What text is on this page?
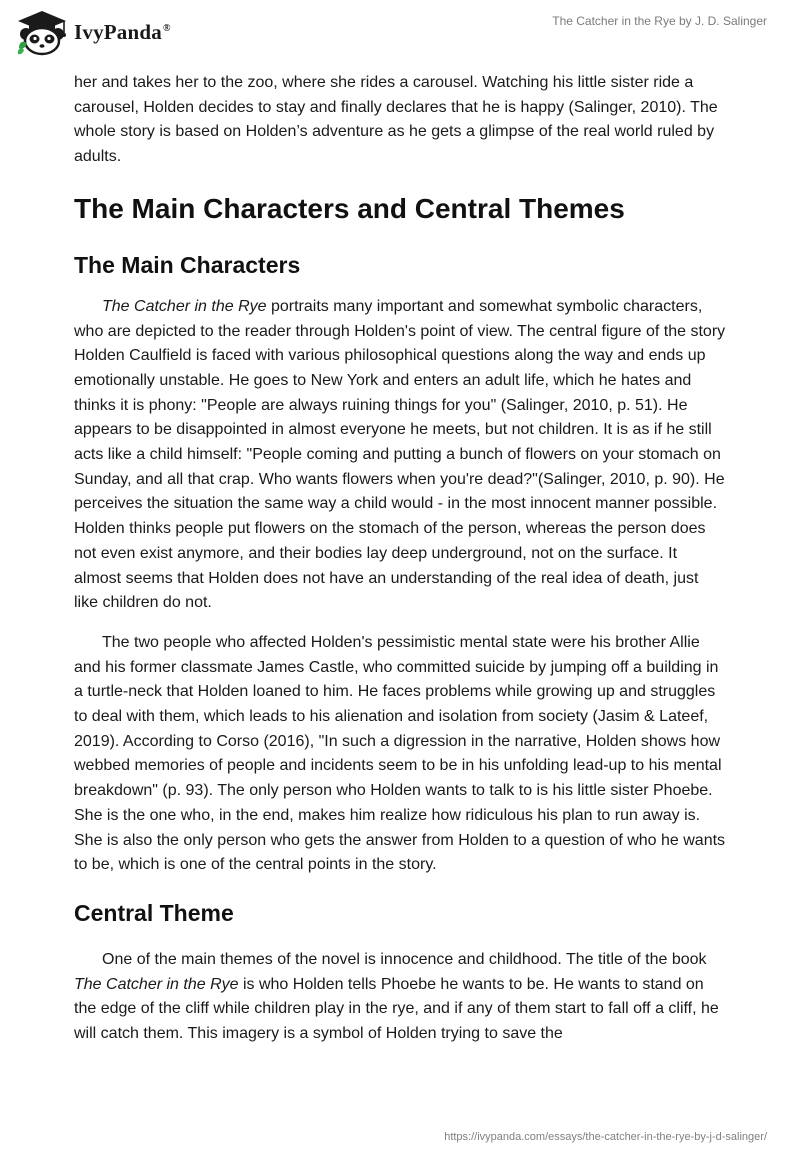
IvyPanda®	The Catcher in the Rye by J. D. Salinger

her and takes her to the zoo, where she rides a carousel. Watching his little sister ride a carousel, Holden decides to stay and finally declares that he is happy (Salinger, 2010). The whole story is based on Holden’s adventure as he gets a glimpse of the real world ruled by adults.

The Main Characters and Central Themes
The Main Characters

The Catcher in the Rye portraits many important and somewhat symbolic characters, who are depicted to the reader through Holden's point of view. The central figure of the story Holden Caulfield is faced with various philosophical questions along the way and ends up emotionally unstable. He goes to New York and enters an adult life, which he hates and thinks it is phony: "People are always ruining things for you" (Salinger, 2010, p. 51). He appears to be disappointed in almost everyone he meets, but not children. It is as if he still acts like a child himself: "People coming and putting a bunch of flowers on your stomach on Sunday, and all that crap. Who wants flowers when you're dead?"(Salinger, 2010, p. 90). He perceives the situation the same way a child would - in the most innocent manner possible. Holden thinks people put flowers on the stomach of the person, whereas the person does not even exist anymore, and their bodies lay deep underground, not on the surface. It almost seems that Holden does not have an understanding of the real idea of death, just like children do not.

The two people who affected Holden's pessimistic mental state were his brother Allie and his former classmate James Castle, who committed suicide by jumping off a building in a turtle-neck that Holden loaned to him. He faces problems while growing up and struggles to deal with them, which leads to his alienation and isolation from society (Jasim & Lateef, 2019). According to Corso (2016), "In such a digression in the narrative, Holden shows how webbed memories of people and incidents seem to be in his unfolding lead-up to his mental breakdown" (p. 93). The only person who Holden wants to talk to is his little sister Phoebe. She is the one who, in the end, makes him realize how ridiculous his plan to run away is. She is also the only person who gets the answer from Holden to a question of who he wants to be, which is one of the central points in the story.

Central Theme

One of the main themes of the novel is innocence and childhood. The title of the book The Catcher in the Rye is who Holden tells Phoebe he wants to be. He wants to stand on the edge of the cliff while children play in the rye, and if any of them start to fall off a cliff, he will catch them. This imagery is a symbol of Holden trying to save the

https://ivypanda.com/essays/the-catcher-in-the-rye-by-j-d-salinger/
